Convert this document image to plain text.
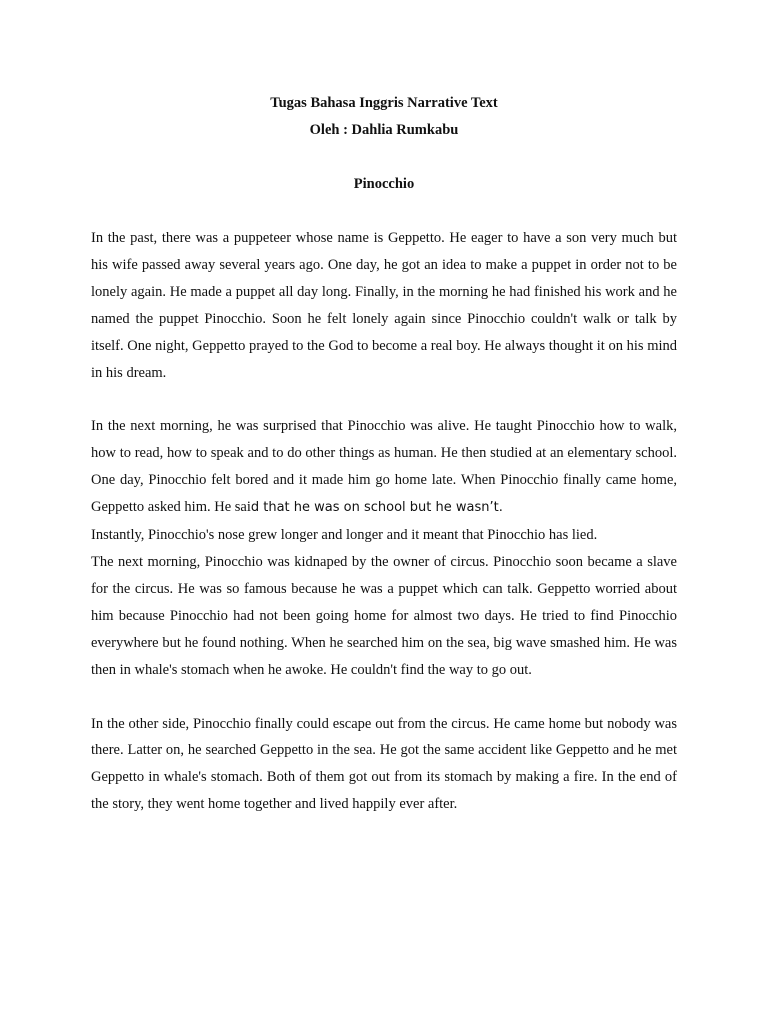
Tugas Bahasa Inggris Narrative Text

Oleh : Dahlia Rumkabu

Pinocchio

In the past, there was a puppeteer whose name is Geppetto. He eager to have a son very much but his wife passed away several years ago. One day, he got an idea to make a puppet in order not to be lonely again. He made a puppet all day long. Finally, in the morning he had finished his work and he named the puppet Pinocchio. Soon he felt lonely again since Pinocchio couldn't walk or talk by itself. One night, Geppetto prayed to the God to become a real boy. He always thought it on his mind in his dream.

In the next morning, he was surprised that Pinocchio was alive. He taught Pinocchio how to walk, how to read, how to speak and to do other things as human. He then studied at an elementary school. One day, Pinocchio felt bored and it made him go home late. When Pinocchio finally came home, Geppetto asked him. He said that he was on school but he wasn’t.

Instantly, Pinocchio's nose grew longer and longer and it meant that Pinocchio has lied.

The next morning, Pinocchio was kidnaped by the owner of circus. Pinocchio soon became a slave for the circus. He was so famous because he was a puppet which can talk. Geppetto worried about him because Pinocchio had not been going home for almost two days. He tried to find Pinocchio everywhere but he found nothing. When he searched him on the sea, big wave smashed him. He was then in whale's stomach when he awoke. He couldn't find the way to go out.

In the other side, Pinocchio finally could escape out from the circus. He came home but nobody was there. Latter on, he searched Geppetto in the sea. He got the same accident like Geppetto and he met Geppetto in whale's stomach. Both of them got out from its stomach by making a fire. In the end of the story, they went home together and lived happily ever after.
